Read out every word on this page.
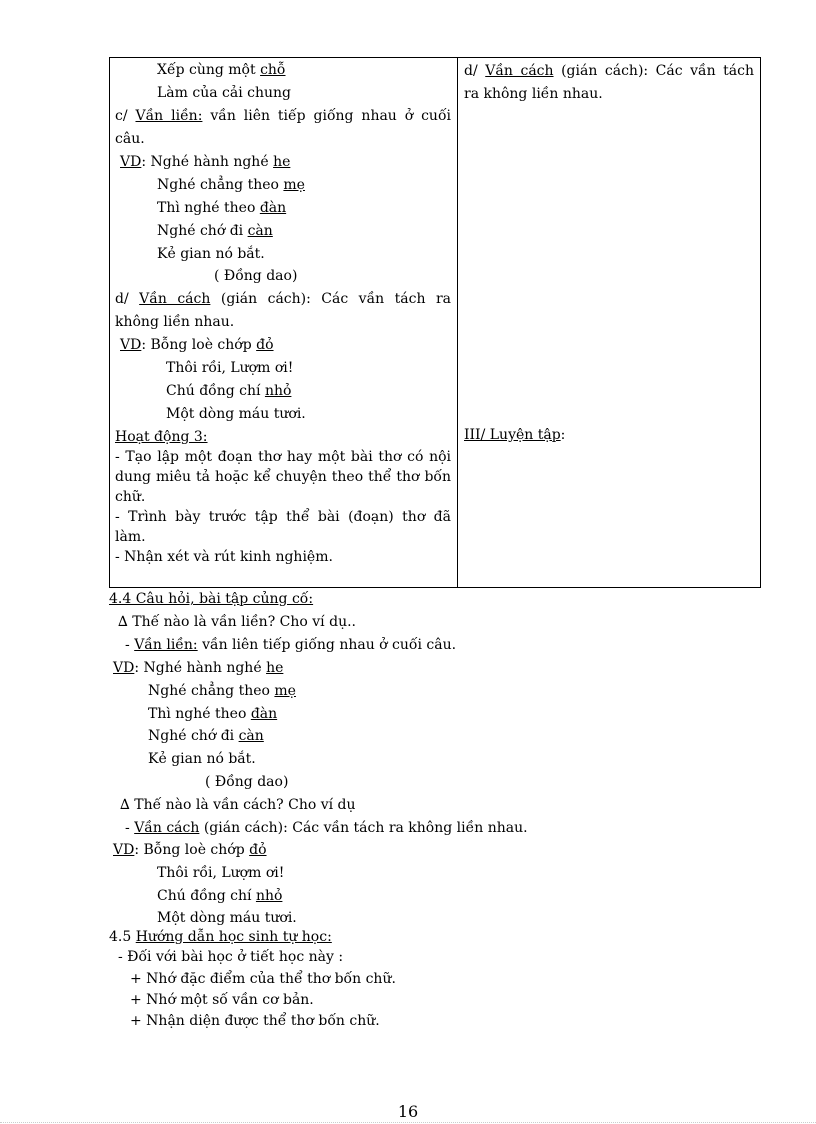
Xếp cùng một chỗ
Làm của cải chung
c/ Vần liền: vần liên tiếp giống nhau ở cuối
câu.
VD: Nghé hành nghé he
Nghé chẳng theo mẹ
Thì nghé theo đàn
Nghé chớ đi càn
Kẻ gian nó bắt.
( Đồng dao)
d/ Vần cách (gián cách): Các vần tách ra
không liền nhau.
VD: Bỗng loè chớp đỏ
Thôi rồi, Lượm ơi!
Chú đồng chí nhỏ
Một dòng máu tươi.
Hoạt động 3:
- Tạo lập một đoạn thơ hay một bài thơ có nội
dung miêu tả hoặc kể chuyện theo thể thơ bốn
chữ.
- Trình bày trước tập thể bài (đoạn) thơ đã
làm.
- Nhận xét và rút kinh nghiệm.
d/ Vần cách (gián cách): Các vần tách
ra không liền nhau.
III/ Luyện tập:
4.4 Câu hỏi, bài tập củng cố:
∆ Thế nào là vần liền? Cho ví dụ..
- Vần liền: vần liên tiếp giống nhau ở cuối câu.
VD: Nghé hành nghé he
Nghé chẳng theo mẹ
Thì nghé theo đàn
Nghé chớ đi càn
Kẻ gian nó bắt.
( Đồng dao)
∆ Thế nào là vần cách? Cho ví dụ
- Vần cách (gián cách): Các vần tách ra không liền nhau.
VD: Bỗng loè chớp đỏ
Thôi rồi, Lượm ơi!
Chú đồng chí nhỏ
Một dòng máu tươi.
4.5 Hướng dẫn học sinh tự học:
- Đối với bài học ở tiết học này :
+ Nhớ đặc điểm của thể thơ bốn chữ.
+ Nhớ một số vần cơ bản.
+ Nhận diện được thể thơ bốn chữ.
16
